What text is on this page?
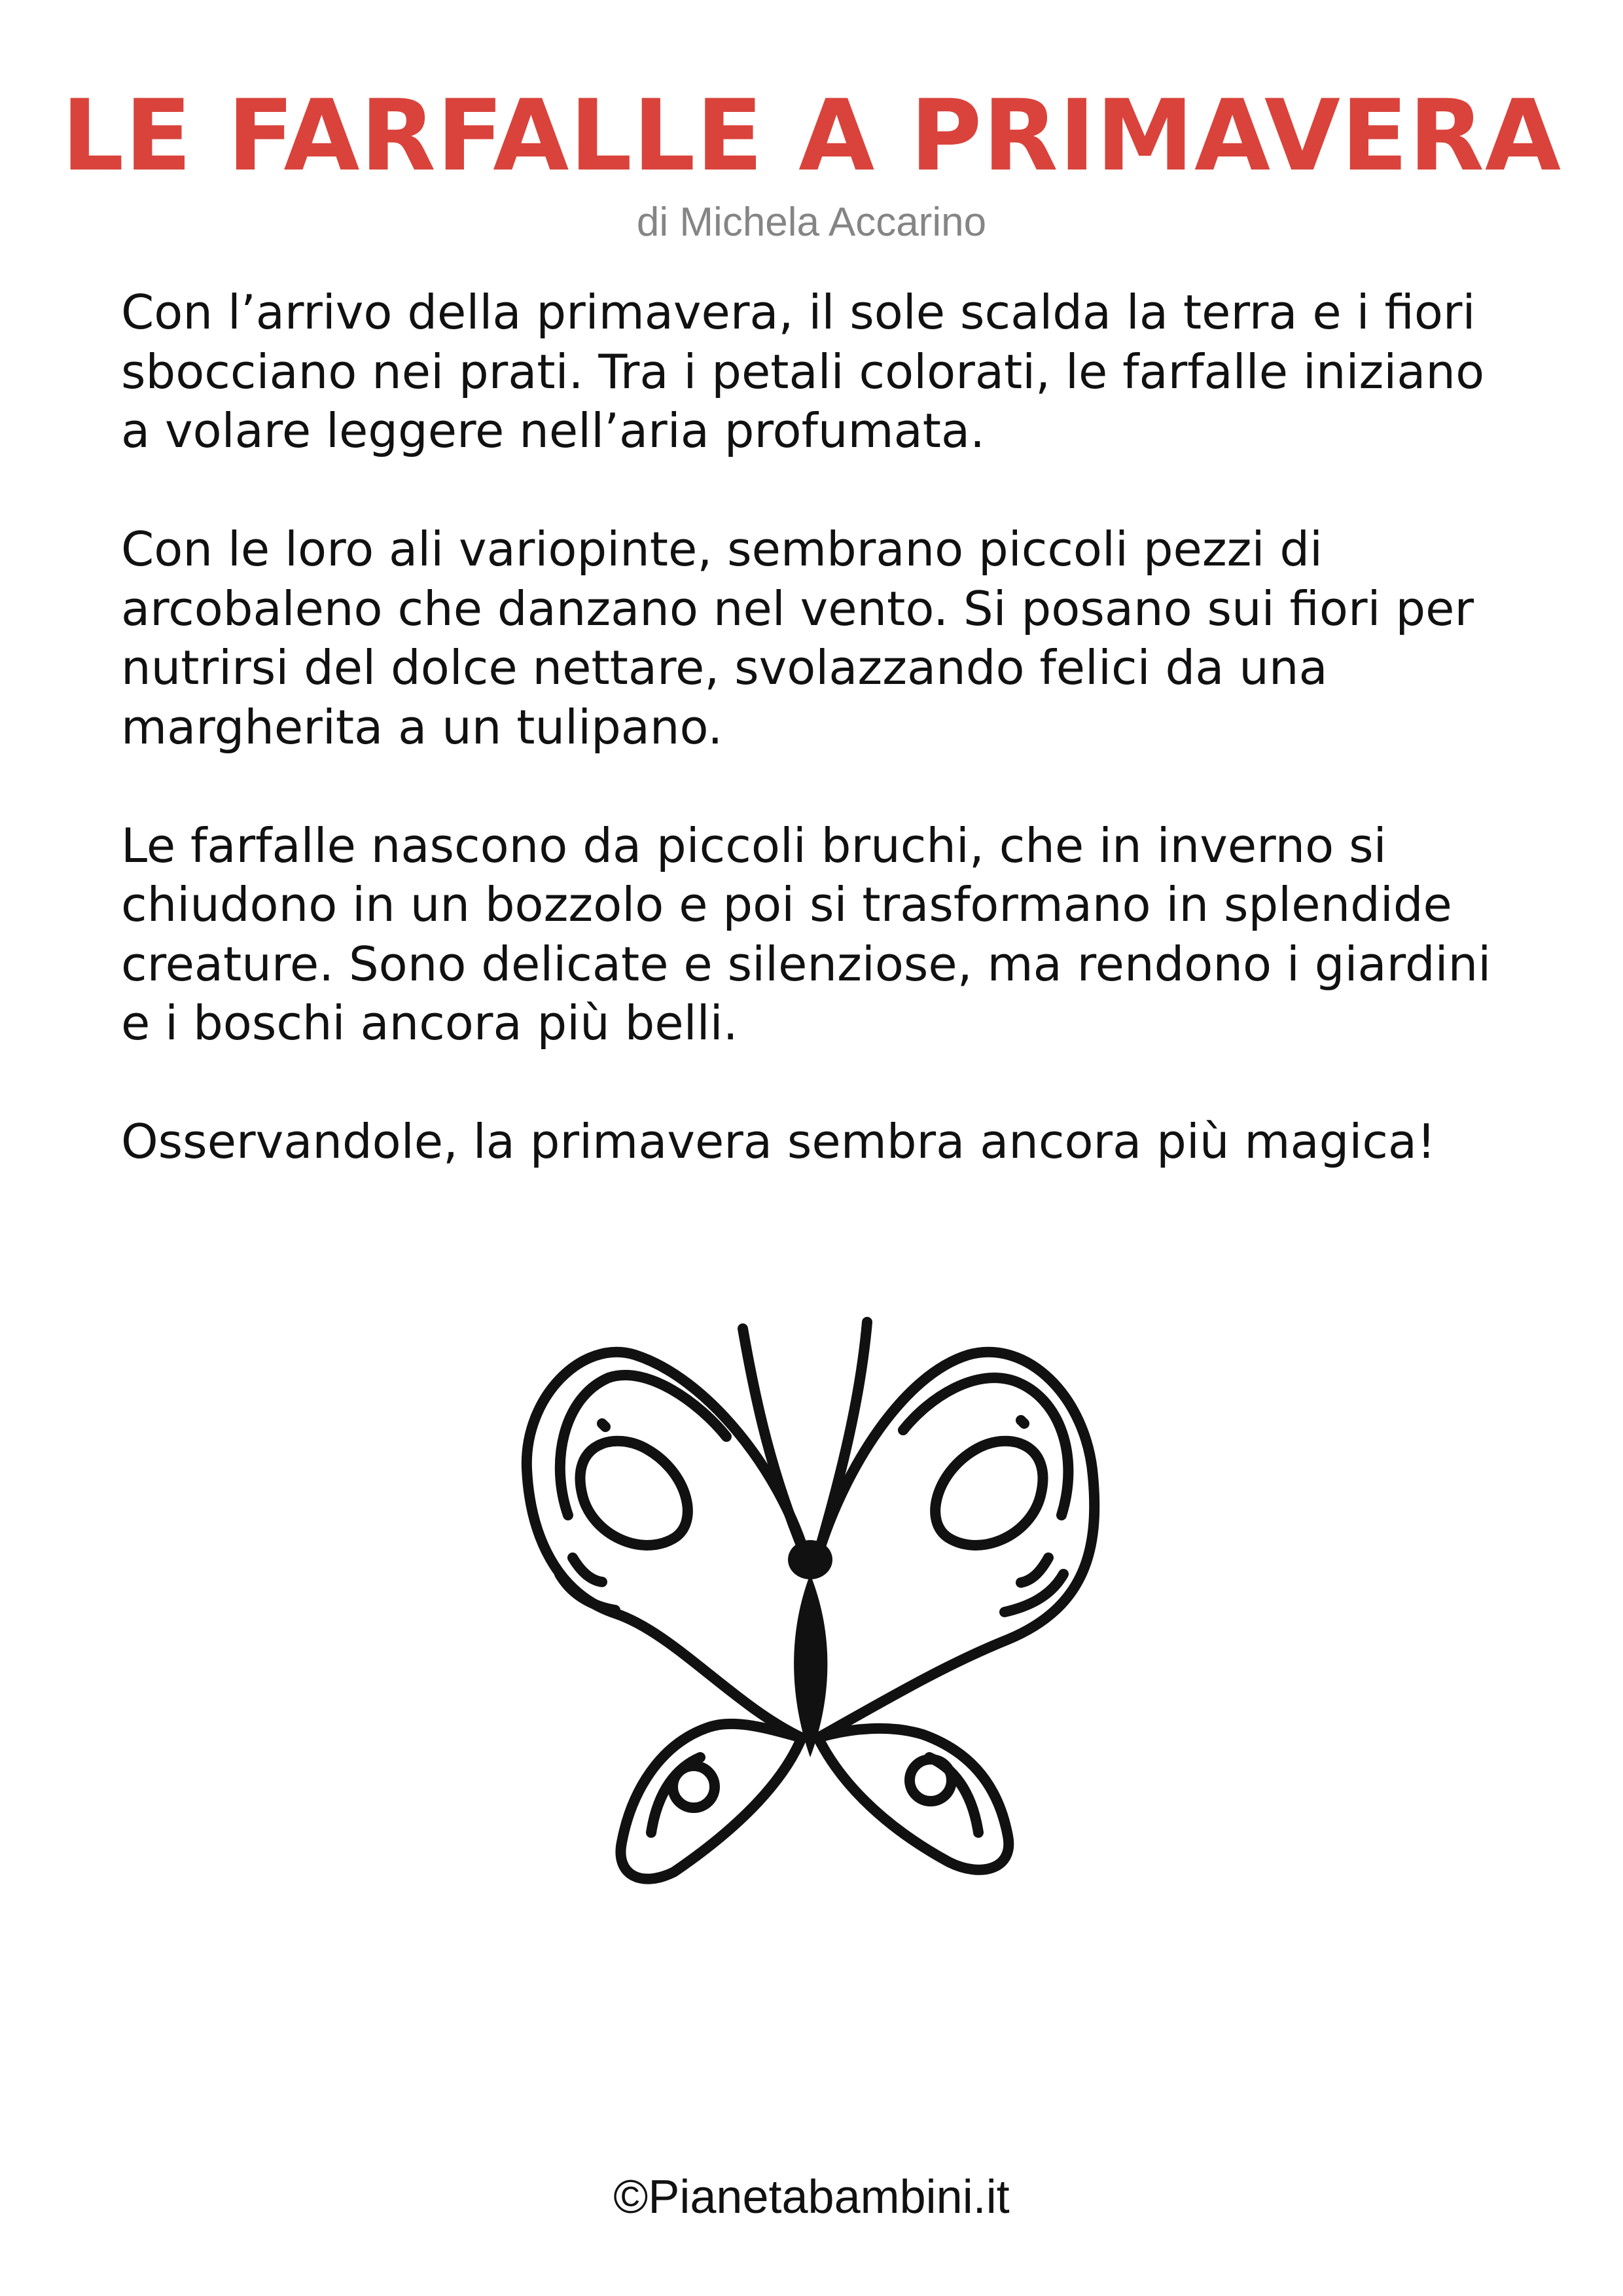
LE FARFALLE A PRIMAVERA
di Michela Accarino

Con l’arrivo della primavera, il sole scalda la terra e i fiori sbocciano nei prati. Tra i petali colorati, le farfalle iniziano a volare leggere nell’aria profumata.

Con le loro ali variopinte, sembrano piccoli pezzi di arcobaleno che danzano nel vento. Si posano sui fiori per nutrirsi del dolce nettare, svolazzando felici da una margherita a un tulipano.

Le farfalle nascono da piccoli bruchi, che in inverno si chiudono in un bozzolo e poi si trasformano in splendide creature. Sono delicate e silenziose, ma rendono i giardini e i boschi ancora più belli.

Osservandole, la primavera sembra ancora più magica!

©Pianetabambini.it
